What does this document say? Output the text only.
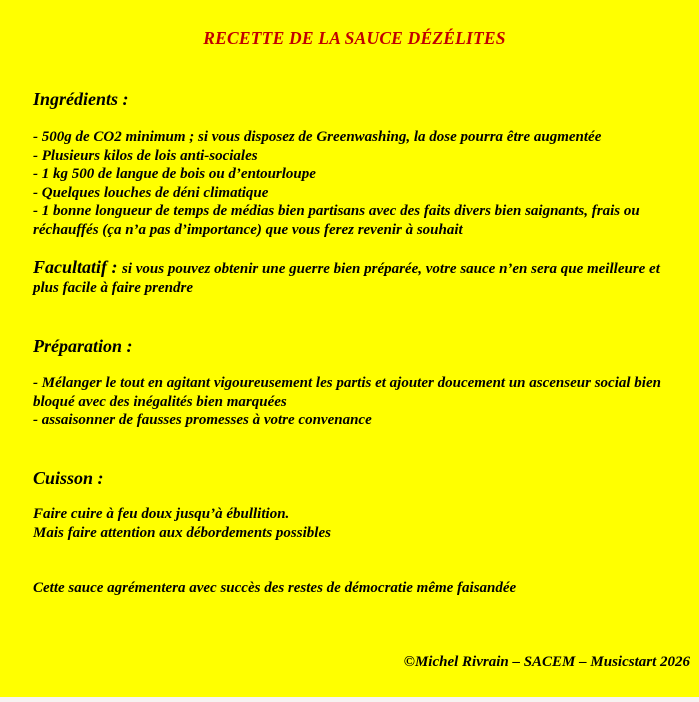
RECETTE DE LA SAUCE DÉZÉLITES
Ingrédients :
- 500g de CO2 minimum ; si vous disposez de Greenwashing, la dose pourra être augmentée
- Plusieurs kilos de lois anti-sociales
- 1 kg 500 de langue de bois ou d’entourloupe
- Quelques louches de déni climatique
- 1 bonne longueur de temps de médias bien partisans avec des faits divers bien saignants, frais ou réchauffés (ça n’a pas d’importance) que vous ferez revenir à souhait
Facultatif : si vous pouvez obtenir une guerre bien préparée, votre sauce n’en sera que meilleure et plus facile à faire prendre
Préparation :
- Mélanger le tout en agitant vigoureusement les partis et ajouter doucement un ascenseur social bien bloqué avec des inégalités bien marquées
- assaisonner de fausses promesses à votre convenance
Cuisson :
Faire cuire à feu doux jusqu’à ébullition.
Mais faire attention aux débordements possibles
Cette sauce agrémentera avec succès des restes de démocratie même faisandée
©Michel Rivrain – SACEM – Musicstart 2026
